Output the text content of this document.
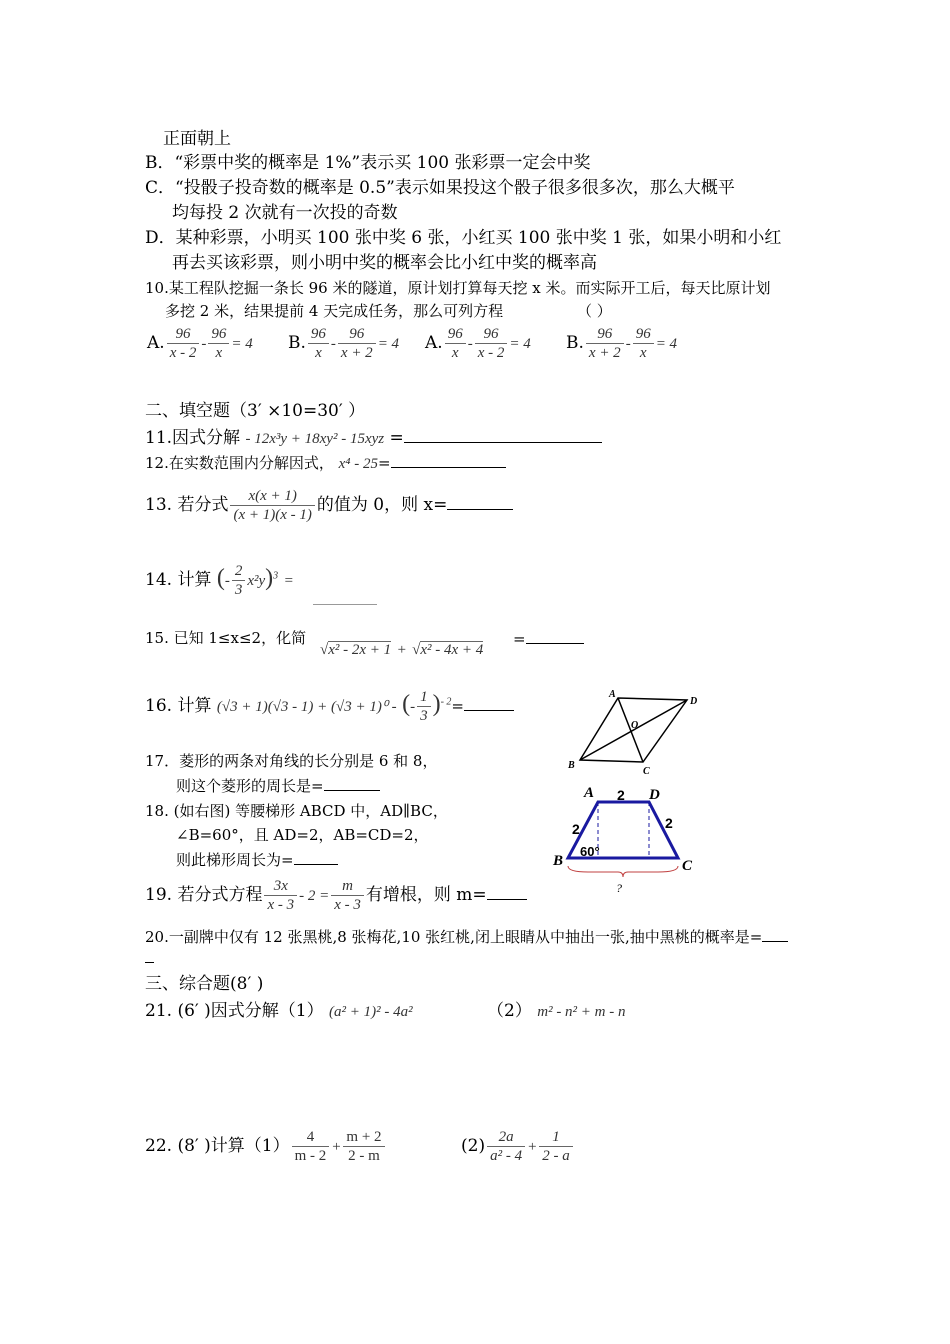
正面朝上
B．“彩票中奖的概率是 1%”表示买 100 张彩票一定会中奖
C．“投骰子投奇数的概率是 0.5”表示如果投这个骰子很多很多次，那么大概平
均每投 2 次就有一次投的奇数
D．某种彩票，小明买 100 张中奖 6 张，小红买 100 张中奖 1 张，如果小明和小红
再去买该彩票，则小明中奖的概率会比小红中奖的概率高
10.某工程队挖掘一条长 96 米的隧道，原计划打算每天挖 x 米。而实际开工后，每天比原计划
多挖 2 米，结果提前 4 天完成任务，那么可列方程	（ ）
A. $\frac{96}{x - 2} - \frac{96}{x} = 4$ B. $\frac{96}{x} - \frac{96}{x + 2} = 4$ A. $\frac{96}{x} - \frac{96}{x - 2} = 4$ B. $\frac{96}{x + 2} - \frac{96}{x} = 4$
二、填空题（3′ ×10=30′ ）
11.因式分解 - 12x³y + 18xy² - 15xyz =
12.在实数范围内分解因式， x⁴ - 25=
13. 若分式 $\frac{x(x + 1)}{(x + 1)(x - 1)}$ 的值为 0，则 x=
14. 计算 (- $\frac{2}{3} x^2y)^3$ =
15. 已知 1≤x≤2，化简
√x² - 2x + 1 + √x² - 4x + 4
=
16. 计算 (√3 + 1)(√3 - 1) + (√3 + 1)⁰ - (- $\frac{1}{3} )^{- 2}=$
A
D
B
C
O
17．菱形的两条对角线的长分别是 6 和 8，
则这个菱形的周长是=
18. (如右图) 等腰梯形 ABCD 中，AD∥BC，
∠B=60°，且 AD=2，AB=CD=2，
则此梯形周长为=
A	D
B	C
2
2	2
60°
?
19. 若分式方程 $\frac{3x}{x - 3} - 2 = \frac{m}{x - 3}$ 有增根，则 m=
20.一副牌中仅有 12 张黑桃,8 张梅花,10 张红桃,闭上眼睛从中抽出一张,抽中黑桃的概率是=
三、综合题(8′ )
21. (6′ )因式分解（1） (a² + 1)² - 4a²	（2） m² - n² + m - n
22. (8′ )计算$(1) \frac{4}{m - 2} + \frac{m + 2}{2 - m}$	$(2) \frac{2a}{\text{a² - 4}} + \frac{1}{2 - a}$
